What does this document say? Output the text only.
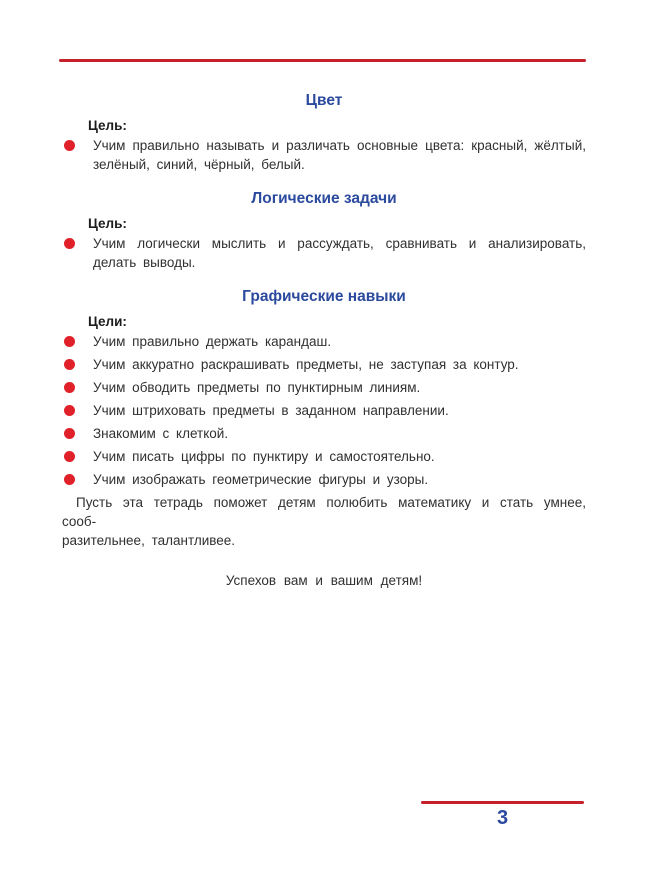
Цвет

Цель:

Учим правильно называть и различать основные цвета: красный, жёлтый, зелёный, синий, чёрный, белый.
Логические задачи

Цель:

Учим логически мыслить и рассуждать, сравнивать и анализировать, делать выводы.
Графические навыки

Цели:

Учим правильно держать карандаш.
Учим аккуратно раскрашивать предметы, не заступая за контур.
Учим обводить предметы по пунктирным линиям.
Учим штриховать предметы в заданном направлении.
Знакомим с клеткой.
Учим писать цифры по пунктиру и самостоятельно.
Учим изображать геометрические фигуры и узоры.
Пусть эта тетрадь поможет детям полюбить математику и стать умнее, сооб-
разительнее, талантливее.
Успехов вам и вашим детям!
3
